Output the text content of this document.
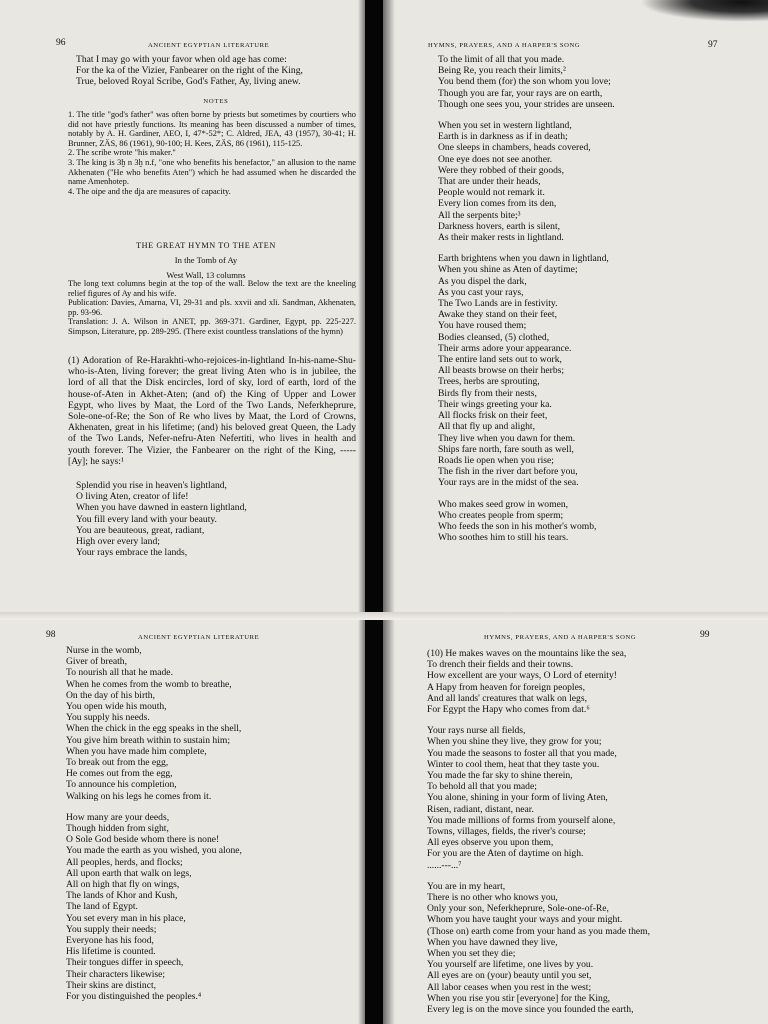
96	ANCIENT EGYPTIAN LITERATURE
That I may go with your favor when old age has come:
For the ka of the Vizier, Fanbearer on the right of the King,
True, beloved Royal Scribe, God's Father, Ay, living anew.
NOTES
1. The title "god's father" was often borne by priests but sometimes by courtiers who did not have priestly functions. Its meaning has been discussed a number of times, notably by A. H. Gardiner, AEO, I, 47*-52*; C. Aldred, JEA, 43 (1957), 30-41; H. Brunner, ZÄS, 86 (1961), 90-100; H. Kees, ZÄS, 86 (1961), 115-125.
2. The scribe wrote "his maker."
3. The king is 3ḫ n 3ḫ n.f, "one who benefits his benefactor," an allusion to the name Akhenaten ("He who benefits Aten") which he had assumed when he discarded the name Amenhotep.
4. The oipe and the dja are measures of capacity.
THE GREAT HYMN TO THE ATEN
In the Tomb of Ay
West Wall, 13 columns
The long text columns begin at the top of the wall. Below the text are the kneeling relief figures of Ay and his wife.
Publication: Davies, Amarna, VI, 29-31 and pls. xxvii and xli. Sandman, Akhenaten, pp. 93-96.
Translation: J. A. Wilson in ANET, pp. 369-371. Gardiner, Egypt, pp. 225-227. Simpson, Literature, pp. 289-295. (There exist countless translations of the hymn)
(1) Adoration of Re-Harakhti-who-rejoices-in-lightland In-his-name-Shu-who-is-Aten, living forever; the great living Aten who is in jubilee, the lord of all that the Disk encircles, lord of sky, lord of earth, lord of the house-of-Aten in Akhet-Aten; (and of) the King of Upper and Lower Egypt, who lives by Maat, the Lord of the Two Lands, Neferkheprure, Sole-one-of-Re; the Son of Re who lives by Maat, the Lord of Crowns, Akhenaten, great in his lifetime; (and) his beloved great Queen, the Lady of the Two Lands, Nefer-nefru-Aten Nefertiti, who lives in health and youth forever. The Vizier, the Fanbearer on the right of the King, ----- [Ay]; he says:¹
Splendid you rise in heaven's lightland,
O living Aten, creator of life!
When you have dawned in eastern lightland,
You fill every land with your beauty.
You are beauteous, great, radiant,
High over every land;
Your rays embrace the lands,
HYMNS, PRAYERS, AND A HARPER'S SONG	97
To the limit of all that you made.
Being Re, you reach their limits,²
You bend them (for) the son whom you love;
Though you are far, your rays are on earth,
Though one sees you, your strides are unseen.
When you set in western lightland,
Earth is in darkness as if in death;
One sleeps in chambers, heads covered,
One eye does not see another.
Were they robbed of their goods,
That are under their heads,
People would not remark it.
Every lion comes from its den,
All the serpents bite;³
Darkness hovers, earth is silent,
As their maker rests in lightland.
Earth brightens when you dawn in lightland,
When you shine as Aten of daytime;
As you dispel the dark,
As you cast your rays,
The Two Lands are in festivity.
Awake they stand on their feet,
You have roused them;
Bodies cleansed, (5) clothed,
Their arms adore your appearance.
The entire land sets out to work,
All beasts browse on their herbs;
Trees, herbs are sprouting,
Birds fly from their nests,
Their wings greeting your ka.
All flocks frisk on their feet,
All that fly up and alight,
They live when you dawn for them.
Ships fare north, fare south as well,
Roads lie open when you rise;
The fish in the river dart before you,
Your rays are in the midst of the sea.
Who makes seed grow in women,
Who creates people from sperm;
Who feeds the son in his mother's womb,
Who soothes him to still his tears.
98	ANCIENT EGYPTIAN LITERATURE
Nurse in the womb,
Giver of breath,
To nourish all that he made.
When he comes from the womb to breathe,
On the day of his birth,
You open wide his mouth,
You supply his needs.
When the chick in the egg speaks in the shell,
You give him breath within to sustain him;
When you have made him complete,
To break out from the egg,
He comes out from the egg,
To announce his completion,
Walking on his legs he comes from it.
How many are your deeds,
Though hidden from sight,
O Sole God beside whom there is none!
You made the earth as you wished, you alone,
All peoples, herds, and flocks;
All upon earth that walk on legs,
All on high that fly on wings,
The lands of Khor and Kush,
The land of Egypt.
You set every man in his place,
You supply their needs;
Everyone has his food,
His lifetime is counted.
Their tongues differ in speech,
Their characters likewise;
Their skins are distinct,
For you distinguished the peoples.⁴
HYMNS, PRAYERS, AND A HARPER'S SONG	99
(10) He makes waves on the mountains like the sea,
To drench their fields and their towns.
How excellent are your ways, O Lord of eternity!
A Hapy from heaven for foreign peoples,
And all lands' creatures that walk on legs,
For Egypt the Hapy who comes from dat.⁶
Your rays nurse all fields,
When you shine they live, they grow for you;
You made the seasons to foster all that you made,
Winter to cool them, heat that they taste you.
You made the far sky to shine therein,
To behold all that you made;
You alone, shining in your form of living Aten,
Risen, radiant, distant, near.
You made millions of forms from yourself alone,
Towns, villages, fields, the river's course;
All eyes observe you upon them,
For you are the Aten of daytime on high.
......---...⁷
You are in my heart,
There is no other who knows you,
Only your son, Neferkheprure, Sole-one-of-Re,
Whom you have taught your ways and your might.
(Those on) earth come from your hand as you made them,
When you have dawned they live,
When you set they die;
You yourself are lifetime, one lives by you.
All eyes are on (your) beauty until you set,
All labor ceases when you rest in the west;
When you rise you stir [everyone] for the King,
Every leg is on the move since you founded the earth,
